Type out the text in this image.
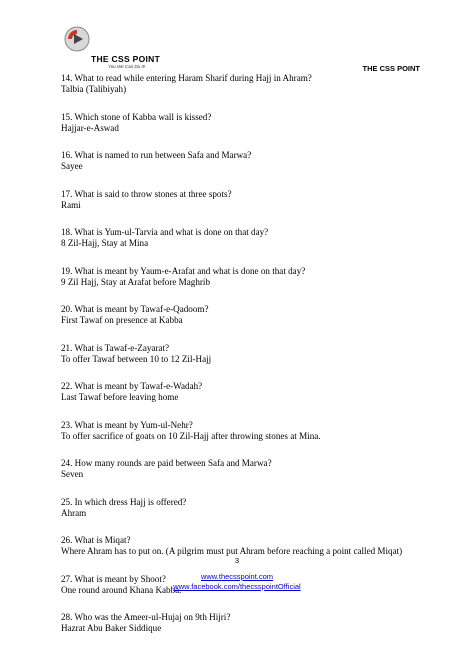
THE CSS POINT
You We Can Do It!	THE CSS POINT
14. What to read while entering Haram Sharif during Hajj in Ahram?
Talbia (Talibiyah)
15. Which stone of Kabba wall is kissed?
Hajjar-e-Aswad
16. What is named to run between Safa and Marwa?
Sayee
17. What is said to throw stones at three spots?
Rami
18. What is Yum-ul-Tarvia and what is done on that day?
8 Zil-Hajj, Stay at Mina
19. What is meant by Yaum-e-Arafat and what is done on that day?
9 Zil Hajj, Stay at Arafat before Maghrib
20. What is meant by Tawaf-e-Qadoom?
First Tawaf on presence at Kabba
21. What is Tawaf-e-Zayarat?
To offer Tawaf between 10 to 12 Zil-Hajj
22. What is meant by Tawaf-e-Wadah?
Last Tawaf before leaving home
23. What is meant by Yum-ul-Nehr?
To offer sacrifice of goats on 10 Zil-Hajj after throwing stones at Mina.
24. How many rounds are paid between Safa and Marwa?
Seven
25. In which dress Hajj is offered?
Ahram
26. What is Miqat?
Where Ahram has to put on. (A pilgrim must put Ahram before reaching a point called Miqat)
27. What is meant by Shoot?
One round around Khana Kabba.
28. Who was the Ameer-ul-Hujaj on 9th Hijri?
Hazrat Abu Baker Siddique
3
www.thecsspoint.com
www.facebook.com/thecsspointOfficial
